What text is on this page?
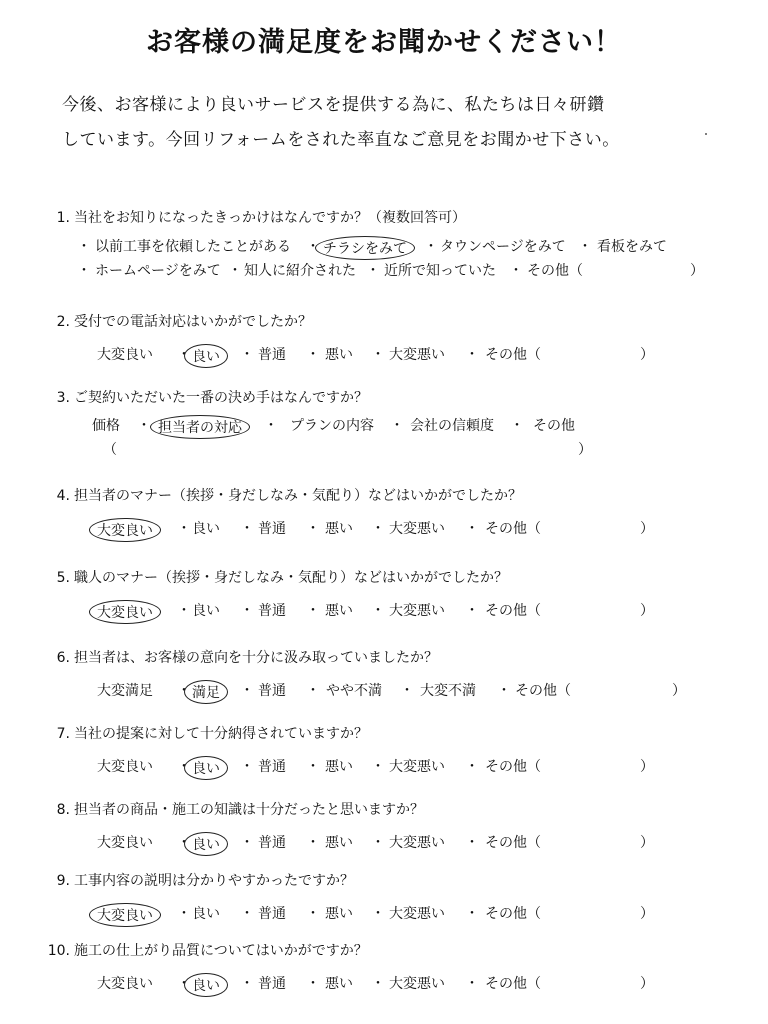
お客様の満足度をお聞かせください！
今後、お客様により良いサービスを提供する為に、私たちは日々研鑽
しています。今回リフォームをされた率直なご意見をお聞かせ下さい。
1. 当社をお知りになったきっかけはなんですか？（複数回答可）
・ 以前工事を依頼したことがある ・ チラシをみて	・ タウンページをみて ・ 看板をみて
・ ホームページをみて ・ 知人に紹介された ・ 近所で知っていた ・ その他（	）
2. 受付での電話対応はいかがでしたか？
大変良い ・ 良い	・ 普通 ・ 悪い ・ 大変悪い ・ その他（	）
3. ご契約いただいた一番の決め手はなんですか？
価格 ・ 担当者の対応	・ プランの内容 ・ 会社の信頼度 ・ その他
（	）
4. 担当者のマナー（挨拶・身だしなみ・気配り）などはいかがでしたか？
大変良い	・ 良い ・ 普通 ・ 悪い ・ 大変悪い ・ その他（	）
5. 職人のマナー（挨拶・身だしなみ・気配り）などはいかがでしたか？
大変良い	・ 良い ・ 普通 ・ 悪い ・ 大変悪い ・ その他（	）
6. 担当者は、お客様の意向を十分に汲み取っていましたか？
大変満足 ・ 満足	・ 普通 ・ やや不満 ・ 大変不満 ・ その他（	）
7. 当社の提案に対して十分納得されていますか？
大変良い ・ 良い	・ 普通 ・ 悪い ・ 大変悪い ・ その他（	）
8. 担当者の商品・施工の知識は十分だったと思いますか？
大変良い ・ 良い	・ 普通 ・ 悪い ・ 大変悪い ・ その他（	）
9. 工事内容の説明は分かりやすかったですか？
大変良い	・ 良い ・ 普通 ・ 悪い ・ 大変悪い ・ その他（	）
10. 施工の仕上がり品質についてはいかがですか？
大変良い ・ 良い	・ 普通 ・ 悪い ・ 大変悪い ・ その他（	）
